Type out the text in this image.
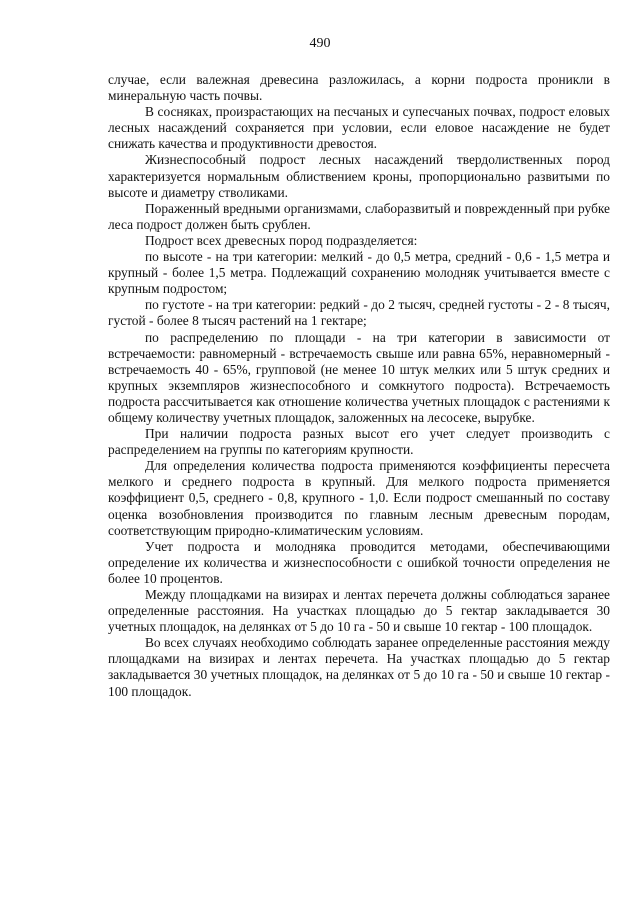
490

случае, если валежная древесина разложилась, а корни подроста проникли в минеральную часть почвы.

В сосняках, произрастающих на песчаных и супесчаных почвах, подрост еловых лесных насаждений сохраняется при условии, если еловое насаждение не будет снижать качества и продуктивности древостоя.

Жизнеспособный подрост лесных насаждений твердолиственных пород характеризуется нормальным облиствением кроны, пропорционально развитыми по высоте и диаметру стволиками.

Пораженный вредными организмами, слаборазвитый и поврежденный при рубке леса подрост должен быть срублен.

Подрост всех древесных пород подразделяется:

по высоте - на три категории: мелкий - до 0,5 метра, средний - 0,6 - 1,5 метра и крупный - более 1,5 метра. Подлежащий сохранению молодняк учитывается вместе с крупным подростом;

по густоте - на три категории: редкий - до 2 тысяч, средней густоты - 2 - 8 тысяч, густой - более 8 тысяч растений на 1 гектаре;

по распределению по площади - на три категории в зависимости от встречаемости: равномерный - встречаемость свыше или равна 65%, неравномерный - встречаемость 40 - 65%, групповой (не менее 10 штук мелких или 5 штук средних и крупных экземпляров жизнеспособного и сомкнутого подроста). Встречаемость подроста рассчитывается как отношение количества учетных площадок с растениями к общему количеству учетных площадок, заложенных на лесосеке, вырубке.

При наличии подроста разных высот его учет следует производить с распределением на группы по категориям крупности.

Для определения количества подроста применяются коэффициенты пересчета мелкого и среднего подроста в крупный. Для мелкого подроста применяется коэффициент 0,5, среднего - 0,8, крупного - 1,0. Если подрост смешанный по составу оценка возобновления производится по главным лесным древесным породам, соответствующим природно-климатическим условиям.

Учет подроста и молодняка проводится методами, обеспечивающими определение их количества и жизнеспособности с ошибкой точности определения не более 10 процентов.

Между площадками на визирах и лентах перечета должны соблюдаться заранее определенные расстояния. На участках площадью до 5 гектар закладывается 30 учетных площадок, на делянках от 5 до 10 га - 50 и свыше 10 гектар - 100 площадок.

Во всех случаях необходимо соблюдать заранее определенные расстояния между площадками на визирах и лентах перечета. На участках площадью до 5 гектар закладывается 30 учетных площадок, на делянках от 5 до 10 га - 50 и свыше 10 гектар - 100 площадок.
